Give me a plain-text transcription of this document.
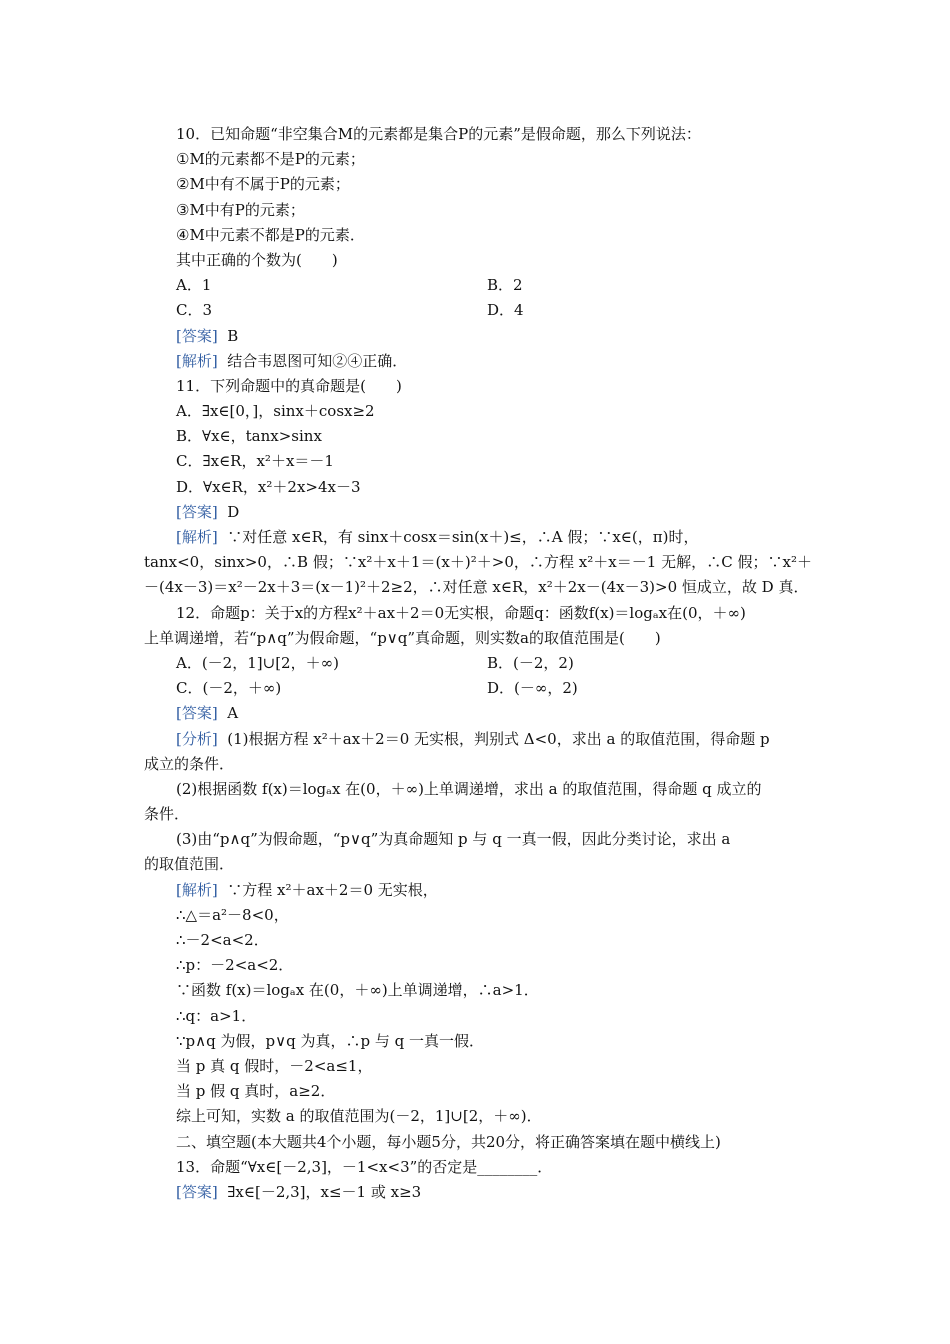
10．已知命题“非空集合M的元素都是集合P的元素”是假命题，那么下列说法：
①M的元素都不是P的元素；
②M中有不属于P的元素；
③M中有P的元素；
④M中元素不都是P的元素．
其中正确的个数为(　　)
A．1	B．2
C．3	D．4
[答案] B
[解析] 结合韦恩图可知②④正确．
11．下列命题中的真命题是(　　)
A．∃x∈[0，]，sinx＋cosx≥2
B．∀x∈，tanx>sinx
C．∃x∈R，x²＋x＝－1
D．∀x∈R，x²＋2x>4x－3
[答案] D
[解析] ∵对任意 x∈R，有 sinx＋cosx＝sin(x＋)≤，∴A 假；∵x∈(，π)时，
tanx<0，sinx>0，∴B 假；∵x²＋x＋1＝(x＋)²＋>0，∴方程 x²＋x＝－1 无解，∴C 假；∵x²＋
－(4x－3)＝x²－2x＋3＝(x－1)²＋2≥2，∴对任意 x∈R，x²＋2x－(4x－3)>0 恒成立，故 D 真．
12．命题p：关于x的方程x²＋ax＋2＝0无实根，命题q：函数f(x)＝logₐx在(0，＋∞)
上单调递增，若“p∧q”为假命题，“p∨q”真命题，则实数a的取值范围是(　　)
A．(－2，1]∪[2，＋∞)	B．(－2，2)
C．(－2，＋∞)	D．(－∞，2)
[答案] A
[分析] (1)根据方程 x²＋ax＋2＝0 无实根，判别式 Δ<0，求出 a 的取值范围，得命题 p
成立的条件．
(2)根据函数 f(x)＝logₐx 在(0，＋∞)上单调递增，求出 a 的取值范围，得命题 q 成立的
条件．
(3)由“p∧q”为假命题，“p∨q”为真命题知 p 与 q 一真一假，因此分类讨论，求出 a
的取值范围．
[解析] ∵方程 x²＋ax＋2＝0 无实根，
∴△＝a²－8<0，
∴－2<a<2．
∴p：－2<a<2．
∵函数 f(x)＝logₐx 在(0，＋∞)上单调递增，∴a>1．
∴q：a>1．
∵p∧q 为假，p∨q 为真，∴p 与 q 一真一假．
当 p 真 q 假时，－2<a≤1，
当 p 假 q 真时，a≥2．
综上可知，实数 a 的取值范围为(－2，1]∪[2，＋∞)．
二、填空题(本大题共4个小题，每小题5分，共20分，将正确答案填在题中横线上)
13．命题“∀x∈[－2,3]，－1<x<3”的否定是________．
[答案] ∃x∈[－2,3]，x≤－1 或 x≥3
